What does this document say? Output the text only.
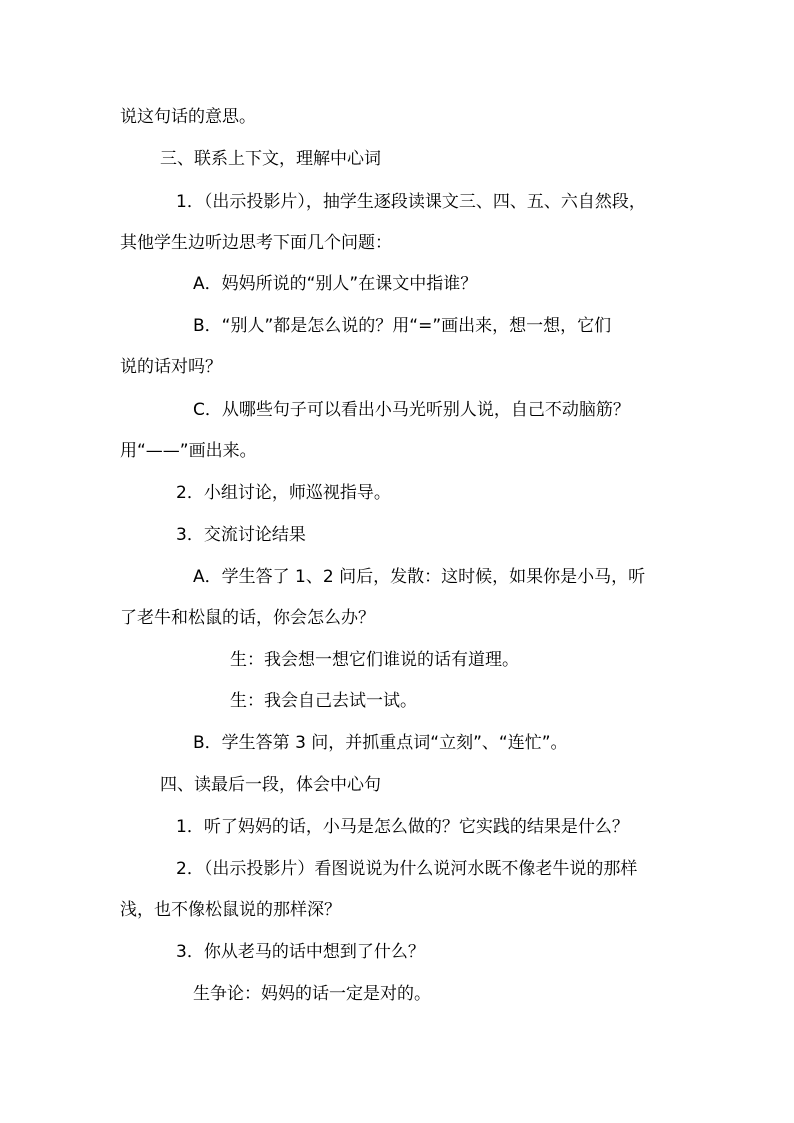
说这句话的意思。
三、联系上下文，理解中心词
1．（出示投影片），抽学生逐段读课文三、四、五、六自然段，
其他学生边听边思考下面几个问题：
A．妈妈所说的“别人”在课文中指谁？
B．“别人”都是怎么说的？用“=”画出来，想一想，它们
说的话对吗？
C．从哪些句子可以看出小马光听别人说，自己不动脑筋？
用“——”画出来。
2．小组讨论，师巡视指导。
3．交流讨论结果
A．学生答了 1、2 问后，发散：这时候，如果你是小马，听
了老牛和松鼠的话，你会怎么办？
生：我会想一想它们谁说的话有道理。
生：我会自己去试一试。
B．学生答第 3 问，并抓重点词“立刻”、“连忙”。
四、读最后一段，体会中心句
1．听了妈妈的话，小马是怎么做的？它实践的结果是什么？
2．（出示投影片）看图说说为什么说河水既不像老牛说的那样
浅，也不像松鼠说的那样深？
3．你从老马的话中想到了什么？
生争论：妈妈的话一定是对的。
